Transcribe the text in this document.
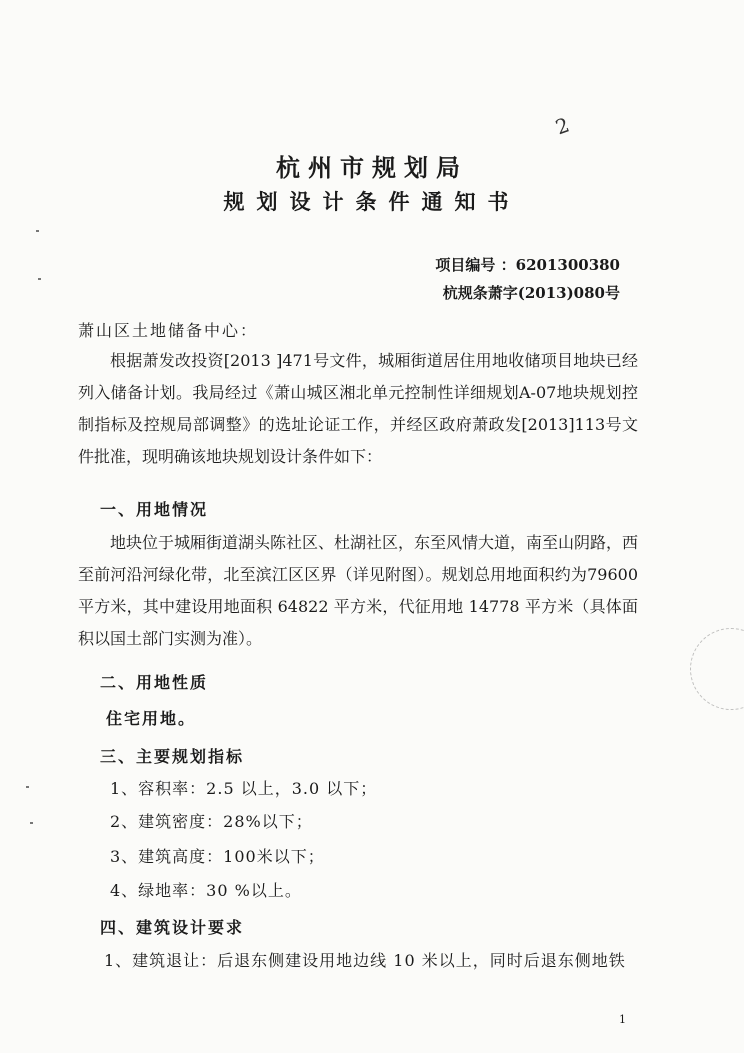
2
杭州市规划局
规划设计条件通知书
项目编号 ：6201300380
杭规条萧字(2013)080号
萧山区土地储备中心：

根据萧发改投资[2013 ]471号文件，城厢街道居住用地收储项目地块已经列入储备计划。我局经过《萧山城区湘北单元控制性详细规划A-07地块规划控制指标及控规局部调整》的选址论证工作，并经区政府萧政发[2013]113号文件批准，现明确该地块规划设计条件如下：

一、用地情况

地块位于城厢街道湖头陈社区、杜湖社区，东至风情大道，南至山阴路，西至前河沿河绿化带，北至滨江区区界（详见附图）。规划总用地面积约为79600 平方米，其中建设用地面积 64822 平方米，代征用地 14778 平方米（具体面积以国土部门实测为准）。

二、用地性质
住宅用地。
三、主要规划指标
1、容积率：2.5 以上，3.0 以下；
2、建筑密度：28%以下；
3、建筑高度：100米以下；
4、绿地率：30 %以上。
四、建筑设计要求
1、建筑退让：后退东侧建设用地边线 10 米以上，同时后退东侧地铁
1
